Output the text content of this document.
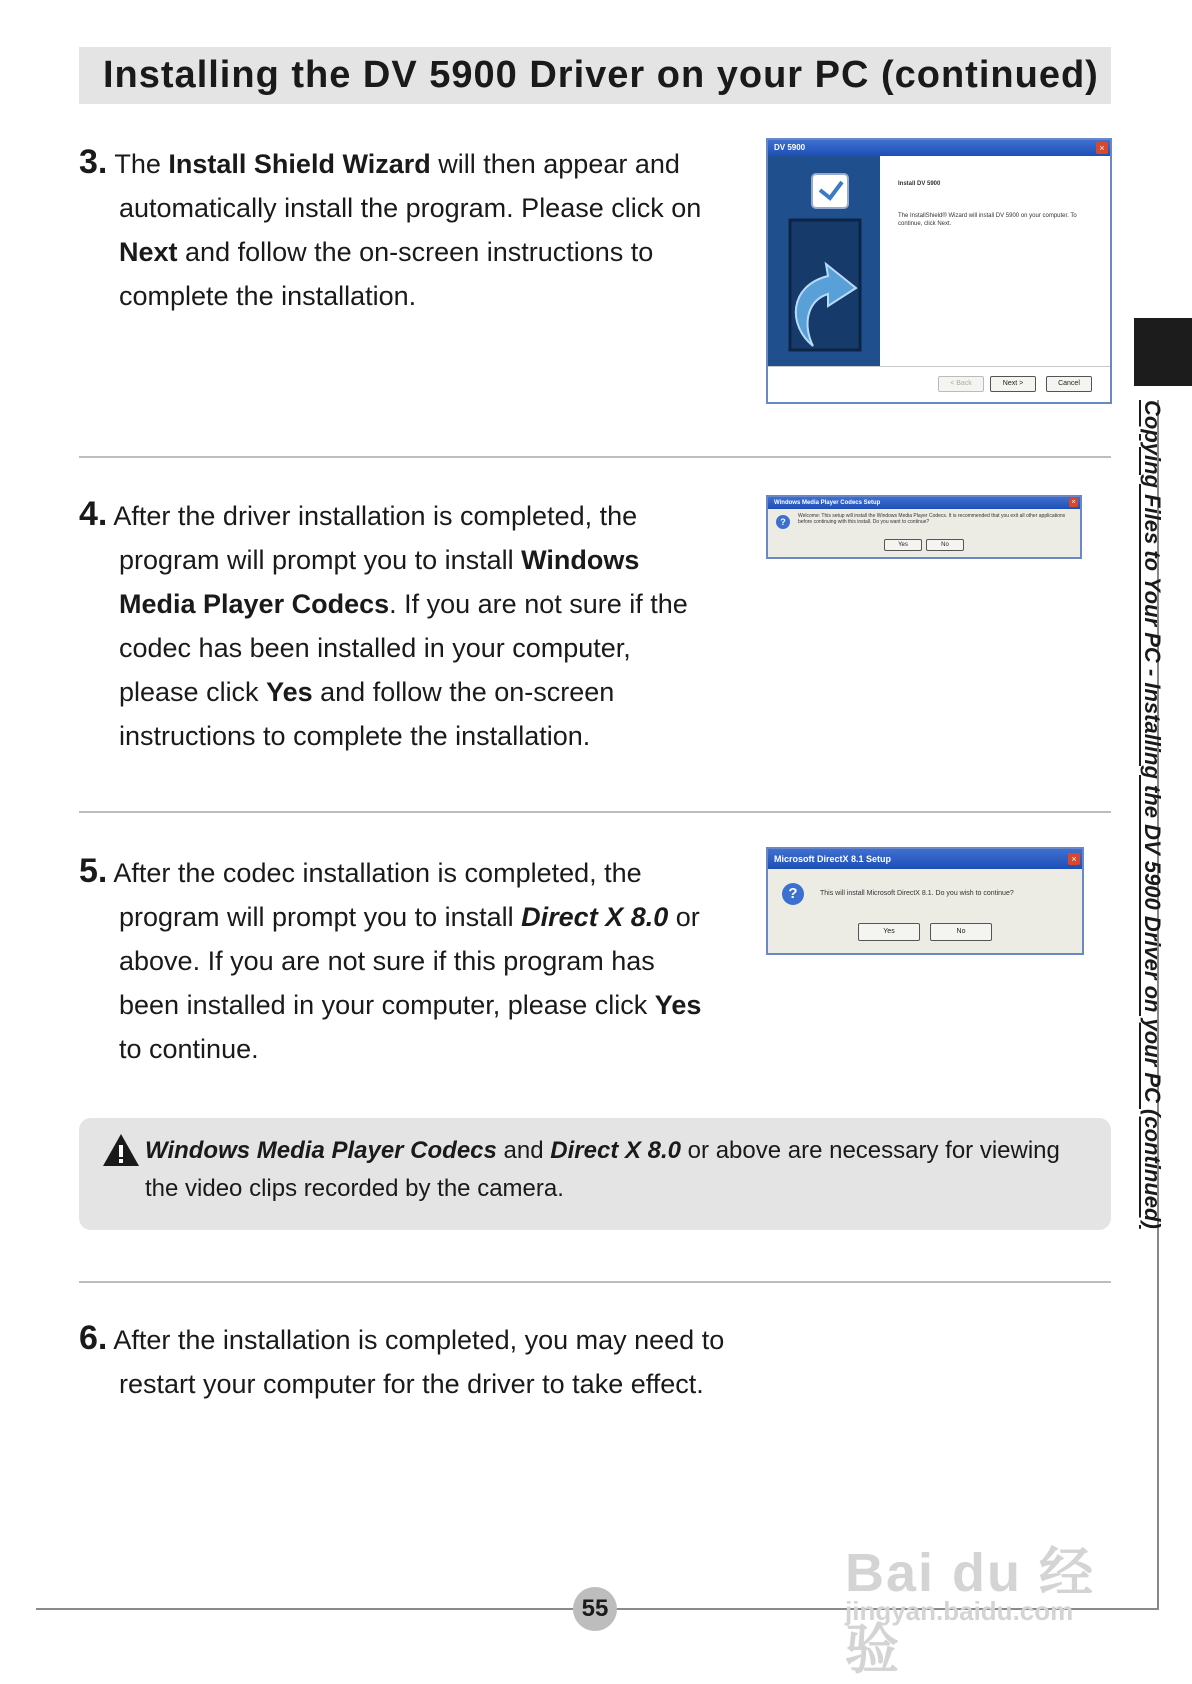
Installing the DV 5900 Driver on your PC (continued)
3. The Install Shield Wizard will then appear and
automatically install the program. Please click on
Next and follow the on-screen instructions to
complete the installation.
DV 5900	×
Install DV 5900
The InstallShield® Wizard will install DV 5900 on your computer. To continue, click Next.
< Back	Next >	Cancel
4. After the driver installation is completed, the
program will prompt you to install Windows
Media Player Codecs. If you are not sure if the
codec has been installed in your computer,
please click Yes and follow the on-screen
instructions to complete the installation.
Windows Media Player Codecs Setup	×
?
Welcome: This setup will install the Windows Media Player Codecs. It is recommended that you exit all other applications before continuing with this install. Do you want to continue?
Yes	No
5. After the codec installation is completed, the
program will prompt you to install Direct X 8.0 or
above. If you are not sure if this program has
been installed in your computer, please click Yes
to continue.
Microsoft DirectX 8.1 Setup	×
?	This will install Microsoft DirectX 8.1. Do you wish to continue?
Yes	No
Windows Media Player Codecs and Direct X 8.0 or above are necessary for viewing
the video clips recorded by the camera.
6. After the installation is completed, you may need to
restart your computer for the driver to take effect.
Copying Files to Your PC - Installing the DV 5900 Driver on your PC (continued)
55
Bai du 经验
jingyan.baidu.com
